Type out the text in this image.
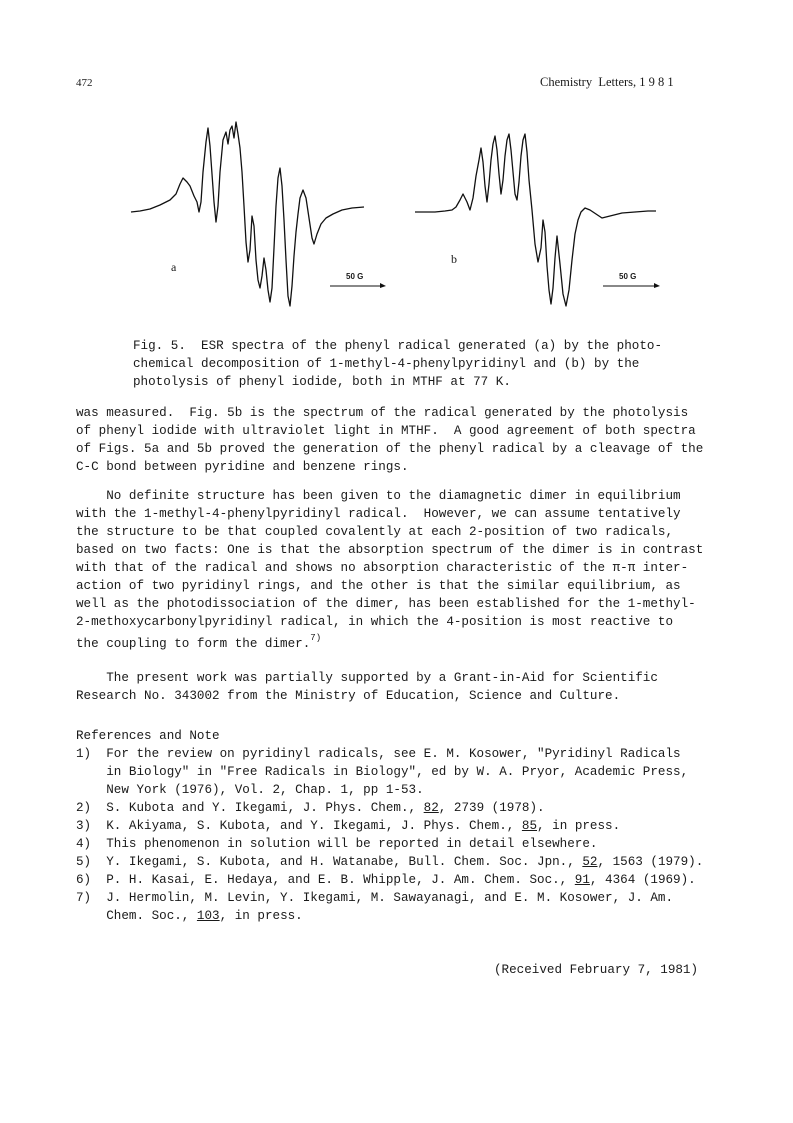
472	Chemistry  Letters, 1 9 8 1
a
b
50 G	50 G
Fig. 5.  ESR spectra of the phenyl radical generated (a) by the photo-
chemical decomposition of 1-methyl-4-phenylpyridinyl and (b) by the
photolysis of phenyl iodide, both in MTHF at 77 K.
was measured.  Fig. 5b is the spectrum of the radical generated by the photolysis
of phenyl iodide with ultraviolet light in MTHF.  A good agreement of both spectra
of Figs. 5a and 5b proved the generation of the phenyl radical by a cleavage of the
C-C bond between pyridine and benzene rings.
No definite structure has been given to the diamagnetic dimer in equilibrium
with the 1-methyl-4-phenylpyridinyl radical.  However, we can assume tentatively
the structure to be that coupled covalently at each 2-position of two radicals,
based on two facts: One is that the absorption spectrum of the dimer is in contrast
with that of the radical and shows no absorption characteristic of the π-π inter-
action of two pyridinyl rings, and the other is that the similar equilibrium, as
well as the photodissociation of the dimer, has been established for the 1-methyl-
2-methoxycarbonylpyridinyl radical, in which the 4-position is most reactive to
the coupling to form the dimer.$^{7)}$
The present work was partially supported by a Grant-in-Aid for Scientific
Research No. 343002 from the Ministry of Education, Science and Culture.
References and Note
1)  For the review on pyridinyl radicals, see E. M. Kosower, "Pyridinyl Radicals
in Biology" in "Free Radicals in Biology", ed by W. A. Pryor, Academic Press,
New York (1976), Vol. 2, Chap. 1, pp 1-53.
2)  S. Kubota and Y. Ikegami, J. Phys. Chem., 82, 2739 (1978).
3)  K. Akiyama, S. Kubota, and Y. Ikegami, J. Phys. Chem., 85, in press.
4)  This phenomenon in solution will be reported in detail elsewhere.
5)  Y. Ikegami, S. Kubota, and H. Watanabe, Bull. Chem. Soc. Jpn., 52, 1563 (1979).
6)  P. H. Kasai, E. Hedaya, and E. B. Whipple, J. Am. Chem. Soc., 91, 4364 (1969).
7)  J. Hermolin, M. Levin, Y. Ikegami, M. Sawayanagi, and E. M. Kosower, J. Am.
Chem. Soc., 103, in press.
(Received February 7, 1981)
